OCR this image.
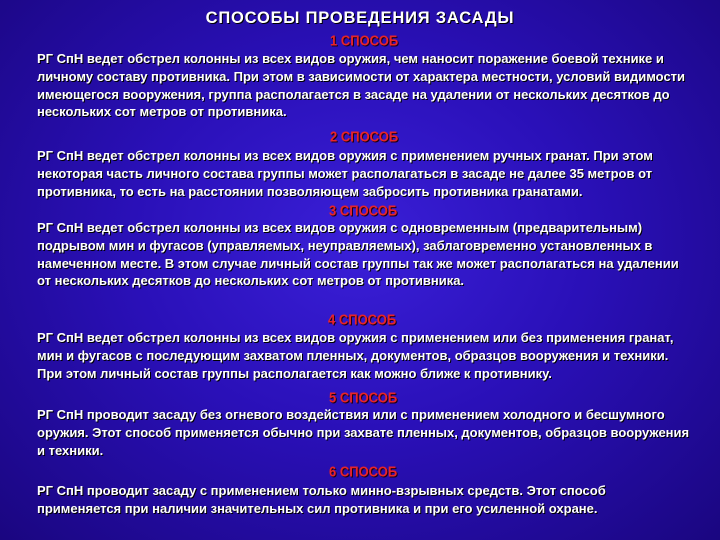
СПОСОБЫ ПРОВЕДЕНИЯ ЗАСАДЫ
1 СПОСОБ
РГ СпН ведет обстрел колонны из всех видов оружия, чем наносит поражение боевой технике и личному составу противника. При этом в зависимости от характера местности, условий видимости имеющегося вооружения, группа располагается в засаде на удалении от нескольких десятков до нескольких сот метров от противника.
2 СПОСОБ
РГ СпН ведет обстрел колонны из всех видов оружия с применением ручных гранат. При этом некоторая часть личного состава группы может располагаться в засаде не далее 35 метров от противника, то есть на расстоянии позволяющем забросить противника гранатами.
3 СПОСОБ
РГ СпН ведет обстрел колонны из всех видов оружия с одновременным (предварительным) подрывом мин и фугасов (управляемых, неуправляемых), заблаговременно установленных в намеченном месте. В этом случае личный состав группы так же может располагаться на удалении от нескольких десятков до нескольких сот метров от противника.
4 СПОСОБ
РГ СпН ведет обстрел колонны из всех видов оружия с применением или без применения гранат, мин и фугасов с последующим захватом пленных, документов, образцов вооружения и техники. При этом личный состав группы располагается как можно ближе к противнику.
5 СПОСОБ
РГ СпН проводит засаду без огневого воздействия или с применением холодного и бесшумного оружия. Этот способ применяется обычно при захвате пленных, документов, образцов вооружения и техники.
6 СПОСОБ
РГ СпН проводит засаду с применением только минно-взрывных средств. Этот способ применяется при наличии значительных сил противника и при его усиленной охране.
